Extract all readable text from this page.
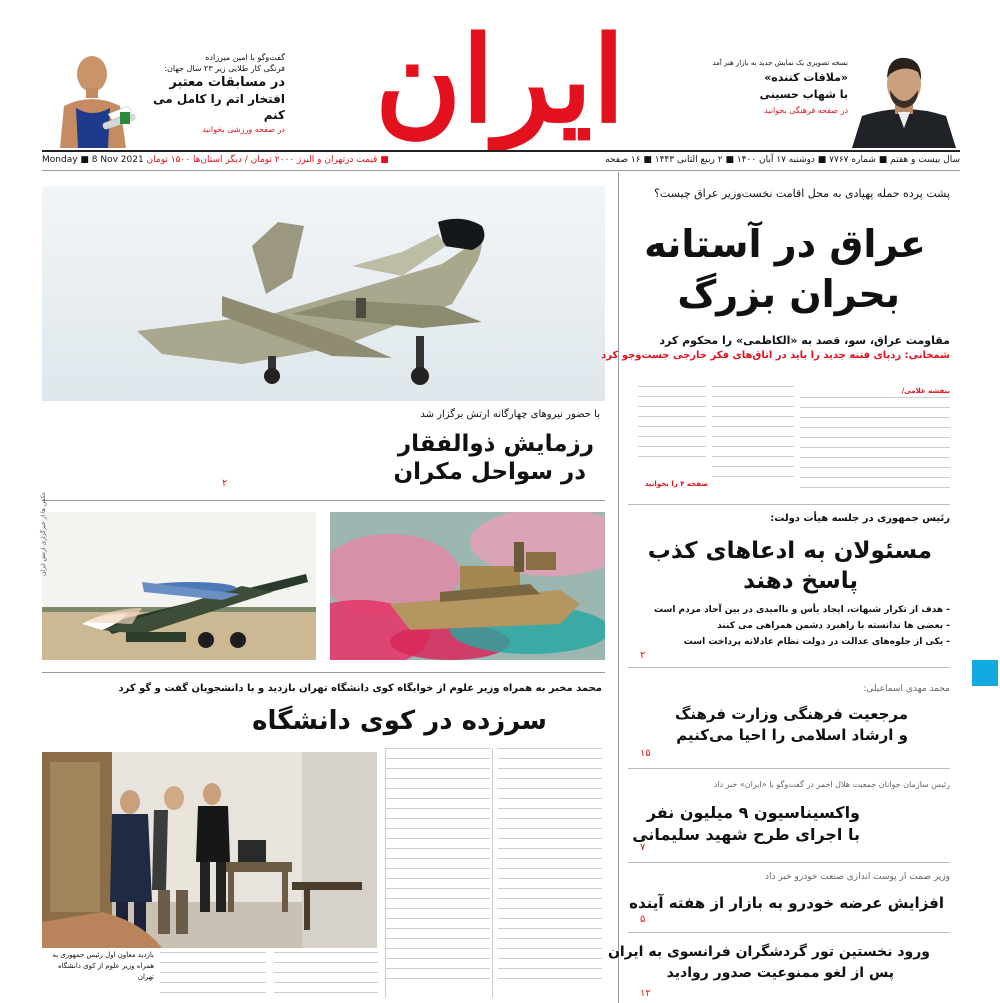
گفت‌وگو با امین میرزاده
فرنگی کار طلایی زیر ۲۳ سال جهان:
در مسابقات معتبر
افتخار اتم را کامل می کنم
در صفحه ورزشی بخوانید ایران	نسخه تصویری یک نمایش جدید به بازار هنر آمد
«ملاقات کننده»
با شهاب حسینی
در صفحه فرهنگی بخوانید
Monday ■ 8 Nov 2021 ■ قیمت درتهران و البرز ۲۰۰۰ تومان / دیگر استان‌ها ۱۵۰۰ تومان	سال بیست و هفتم ■ شماره ۷۷۶۷ ■ دوشنبه ۱۷ آبان ۱۴۰۰ ■ ۲ ربیع الثانی ۱۴۴۳ ■ ۱۶ صفحه
با حضور نیروهای چهارگانه ارتش برگزار شد
رزمایش ذوالفقار
در سواحل مکران
۲
عکس ها از خبرگزاری ارتش ایران
محمد مخبر به همراه وزیر علوم از خوابگاه کوی دانشگاه تهران بازدید و با دانشجویان گفت و گو کرد
سرزده در کوی دانشگاه
بازدید معاون اول رئیس جمهوری به همراه وزیر علوم از کوی دانشگاه تهران
پشت پرده حمله پهپادی به محل اقامت نخست‌وزیر عراق چیست؟
عراق در آستانه
بحران بزرگ
مقاومت عراق، سو، قصد به «الکاظمی» را محکوم کرد
شمخانی: ردپای فتنه جدید را باید در اتاق‌های فکر خارجی جست‌وجو کرد
بنفشه غلامی/
صفحه ۴ را بخوانید
رئیس جمهوری در جلسه هیأت دولت:
مسئولان به ادعاهای کذب
پاسخ دهند
- هدف از تکرار شبهات، ایجاد یأس و ناامیدی در بین آحاد مردم است
- بعضی ها ندانسته با راهبرد دشمن همراهی می کنند
- یکی از جلوه‌های عدالت در دولت نظام عادلانه پرداخت است
۲
محمد مهدی اسماعیلی:
مرجعیت فرهنگی وزارت فرهنگ
و ارشاد اسلامی را احیا می‌کنیم
۱۵
رئیس سازمان جوانان جمعیت هلال احمر در گفت‌وگو با «ایران» خبر داد
واکسیناسیون ۹ میلیون نفر
با اجرای طرح شهید سلیمانی
۷
وزیر صمت از پوست اندازی صنعت خودرو خبر داد
افزایش عرضه خودرو به بازار از هفته آینده
۵
ورود نخستین تور گردشگران فرانسوی به ایران
پس از لغو ممنوعیت صدور روادید
۱۲
